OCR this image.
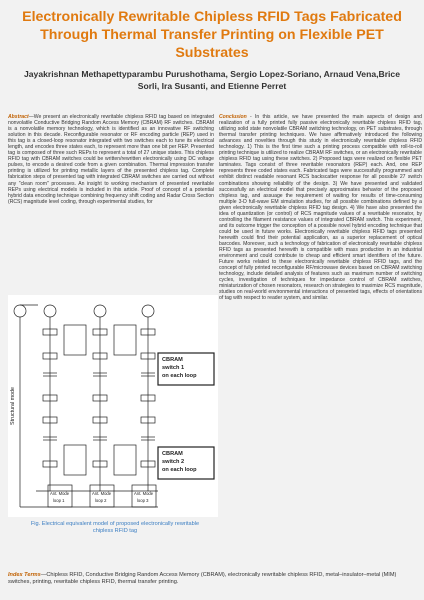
Electronically Rewritable Chipless RFID Tags Fabricated Through Thermal Transfer Printing on Flexible PET Substrates
Jayakrishnan Methapettyparambu Purushothama, Sergio Lopez-Soriano, Arnaud Vena,Brice Sorli, Ira Susanti, and Etienne Perret

Abstract—We present an electronically rewritable chipless RFID tag based on integrated nonvolatile Conductive Bridging Random Access Memory (CBRAM) RF switches. CBRAM is a nonvolatile memory technology, which is identified as an innovative RF switching solution in this decade. Reconfigurable resonator or RF encoding particle (REP) used in this tag is a closed-loop resonator integrated with two switches each to tune its electrical length, and encodes three states each, to represent more than one bit per REP. Presented tag is composed of three such REPs to represent a total of 27 unique states. This chipless RFID tag with CBRAM switches could be written/rewritten electronically using DC voltage pulses, to encode a desired code from a given combination. Thermal impression transfer printing is utilized for printing metallic layers of the presented chipless tag. Complete fabrication steps of presented tag with integrated CBRAM switches are carried out without any "clean room" processes. An insight to working mechanism of presented rewritable REPs using electrical models is included in this article. Proof of concept of a potential hybrid data encoding technique combining frequency shift coding and Radar Cross Section (RCS) magnitude level coding, through experimental studies, for

Structural mode
CBRAM
switch 1
on each loop
CBRAM
switch 2
on each loop
Ant. Mode
loop 1
Ant. Mode
loop 2
Ant. Mode
loop 3
Fig. Electrical equivalent model of proposed electronically rewritable chipless RFID tag

Conclusion - In this article, we have presented the main aspects of design and realization of a fully printed fully passive electronically rewritable chipless RFID tag, utilizing solid state nonvolatile CBRAM switching technology, on PET substrates, through thermal transfer printing techniques. We have affirmatively introduced the following advances and novelties through this study in electronically rewritable chipless RFID technology. 1) This is the first time such a printing process compatible with roll-to-roll printing technique is utilized to realize CBRAM RF switches, or an electronically rewritable chipless RFID tag using these switches. 2) Proposed tags were realized on flexible PET laminates. Tags consist of three rewritable resonators (REP) each. And, one REP represents three coded states each. Fabricated tags were successfully programmed and exhibit distinct readable resonant RCS backscatter response for all possible 27 switch combinations showing reliability of the design. 3) We have presented and validated successfully an electrical model that precisely approximates behavior of the proposed chipless tag, and assuage the requirement of waiting for results of time-consuming multiple 3-D full-wave EM simulation studies, for all possible combinations defined by a given electronically rewritable chipless RFID tag design. 4) We have also presented the idea of quantization (or control) of RCS magnitude values of a rewritable resonator, by controlling the filament resistance values of integrated CBRAM switch. This experiment, and its outcome trigger the conception of a possible novel hybrid encoding technique that could be used in future works. Electronically rewritable chipless RFID tags presented herewith could find their potential application, as a superior replacement of optical barcodes. Moreover, such a technology of fabrication of electronically rewritable chipless RFID tags as presented herewith is compatible with mass production in an industrial environment and could contribute to cheap and efficient smart identifiers of the future. Future works related to these electronically rewritable chipless RFID tags, and the concept of fully printed reconfigurable RF/microwave devices based on CBRAM switching technology, include detailed analysis of features such as maximum number of switching cycles, investigation of techniques for impedance control of CBRAM switches, miniaturization of chosen resonators, research on strategies to maximize RCS magnitude, studies on real-world environmental interactions of presented tags, effects of orientations of tag with respect to reader system, and similar.

Index Terms—Chipless RFID, Conductive Bridging Random Access Memory (CBRAM), electronically rewritable chipless RFID, metal–insulator–metal (MIM) switches, printing, rewritable chipless RFID, thermal transfer printing.
